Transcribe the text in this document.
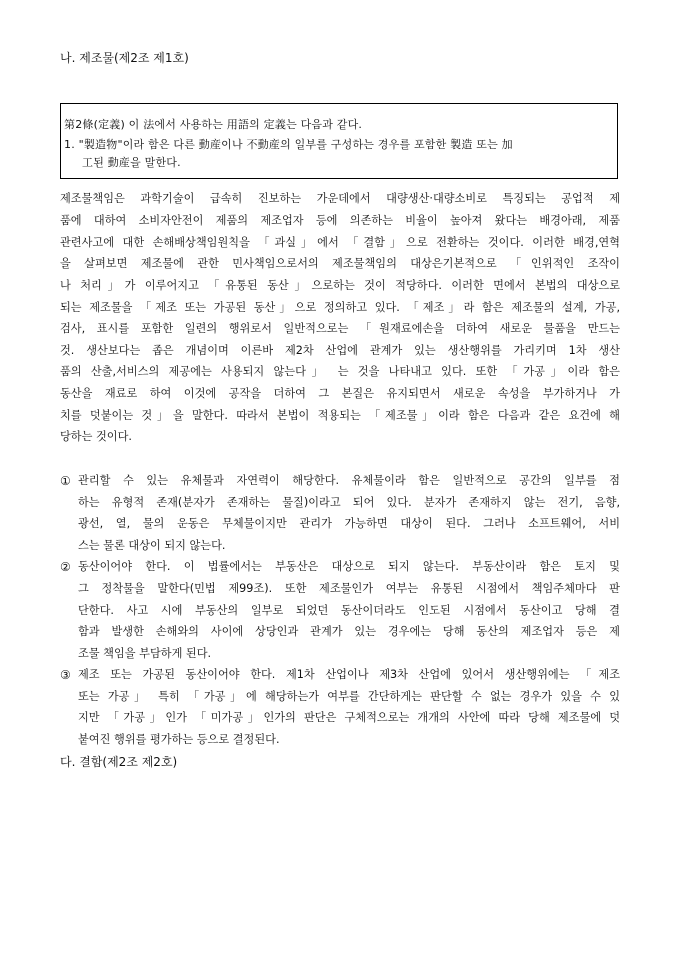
나. 제조물(제2조 제1호)
第2條(定義) 이 法에서 사용하는 用語의 定義는 다음과 같다.
1. "製造物"이라 함은 다른 動産이나 不動産의 일부를 구성하는 경우를 포함한 製造 또는 加
工된 動産을 말한다.
제조물책임은 과학기술이 급속히 진보하는 가운데에서 대량생산·대량소비로 특징되는 공업적 제
품에 대하여 소비자안전이 제품의 제조업자 등에 의존하는 비율이 높아져 왔다는 배경아래, 제품
관련사고에 대한 손해배상책임원칙을 「과실」에서 「결함」으로 전환하는 것이다. 이러한 배경,연혁
을 살펴보면 제조물에 관한 민사책임으로서의 제조물책임의 대상은기본적으로 「인위적인 조작이
나 처리」가 이루어지고 「유통된 동산」으로하는 것이 적당하다. 이러한 면에서 본법의 대상으로
되는 제조물을 「제조 또는 가공된 동산」으로 정의하고 있다. 「제조」라 함은 제조물의 설계, 가공,
검사, 표시를 포함한 일련의 행위로서 일반적으로는 「원재료에손을 더하여 새로운 물품을 만드는
것. 생산보다는 좁은 개념이며 이른바 제2차 산업에 관계가 있는 생산행위를 가리키며 1차 생산
품의 산출,서비스의 제공에는 사용되지 않는다」 는 것을 나타내고 있다. 또한 「가공」이라 함은
동산을 재료로 하여 이것에 공작을 더하여 그 본질은 유지되면서 새로운 속성을 부가하거나 가
치를 덧붙이는 것」을 말한다. 따라서 본법이 적용되는 「제조물」이라 함은 다음과 같은 요건에 해
당하는 것이다.
① 관리할 수 있는 유체물과 자연력이 해당한다. 유체물이라 함은 일반적으로 공간의 일부를 점
하는 유형적 존재(분자가 존재하는 물질)이라고 되어 있다. 분자가 존재하지 않는 전기, 음향,
광선, 열, 물의 운동은 무체물이지만 관리가 가능하면 대상이 된다. 그러나 소프트웨어, 서비
스는 물론 대상이 되지 않는다.
② 동산이어야 한다. 이 법률에서는 부동산은 대상으로 되지 않는다. 부동산이라 함은 토지 및
그 정착물을 말한다(민법 제99조). 또한 제조물인가 여부는 유통된 시점에서 책임주체마다 판
단한다. 사고 시에 부동산의 일부로 되었던 동산이더라도 인도된 시점에서 동산이고 당해 결
함과 발생한 손해와의 사이에 상당인과 관계가 있는 경우에는 당해 동산의 제조업자 등은 제
조물 책임을 부담하게 된다.
③ 제조 또는 가공된 동산이어야 한다. 제1차 산업이나 제3차 산업에 있어서 생산행위에는 「제조
또는 가공」 특히 「가공」에 해당하는가 여부를 간단하게는 판단할 수 없는 경우가 있을 수 있
지만 「가공」인가 「미가공」인가의 판단은 구체적으로는 개개의 사안에 따라 당해 제조물에 덧
붙여진 행위를 평가하는 등으로 결정된다.
다. 결함(제2조 제2호)
